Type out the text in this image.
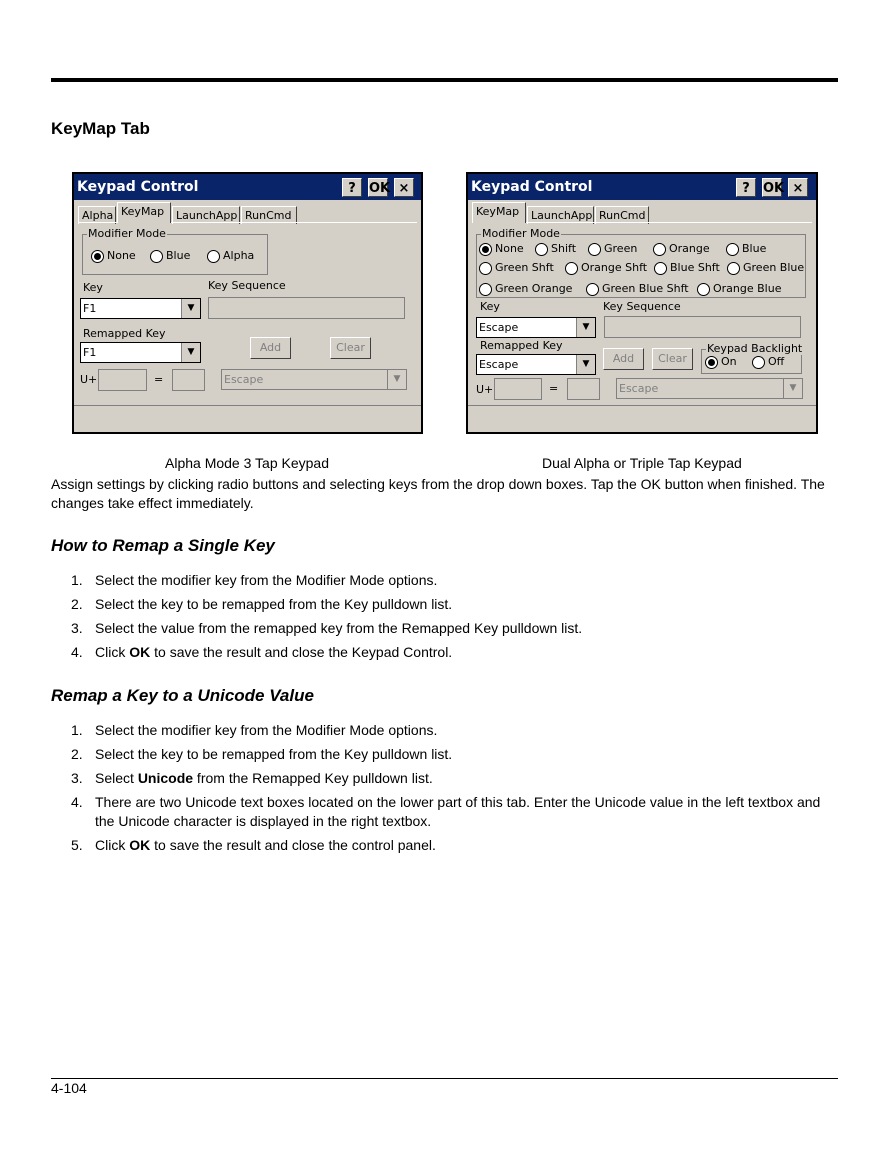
KeyMap Tab
Keypad Control	?	OK ×
Alpha KeyMap	LaunchApp RunCmd
Modifier Mode
None	Blue	Alpha
Key
F1	▼
Key Sequence
Remapped Key
F1	▼	Add	Clear
U+	=	Escape	▼
Keypad Control	?	OK ×
KeyMap	LaunchApp RunCmd
Modifier Mode
None	Shift	Green	Orange	Blue
Green Shft	Orange Shft	Blue Shft	Green Blue
Green Orange	Green Blue Shft	Orange Blue
Key
Escape	▼
Key Sequence
Remapped Key
Escape	▼	Add	Clear
Keypad Backlight
On	Off
U+	=	Escape	▼
Alpha Mode 3 Tap Keypad	Dual Alpha or Triple Tap Keypad
Assign settings by clicking radio buttons and selecting keys from the drop down boxes. Tap the OK button when finished. The changes take effect immediately.
How to Remap a Single Key
1. Select the modifier key from the Modifier Mode options.
2. Select the key to be remapped from the Key pulldown list.
3. Select the value from the remapped key from the Remapped Key pulldown list.
4. Click OK to save the result and close the Keypad Control.
Remap a Key to a Unicode Value
1. Select the modifier key from the Modifier Mode options.
2. Select the key to be remapped from the Key pulldown list.
3. Select Unicode from the Remapped Key pulldown list.
4. There are two Unicode text boxes located on the lower part of this tab. Enter the Unicode value in the left textbox and the Unicode character is displayed in the right textbox.
5. Click OK to save the result and close the control panel.
4-104
